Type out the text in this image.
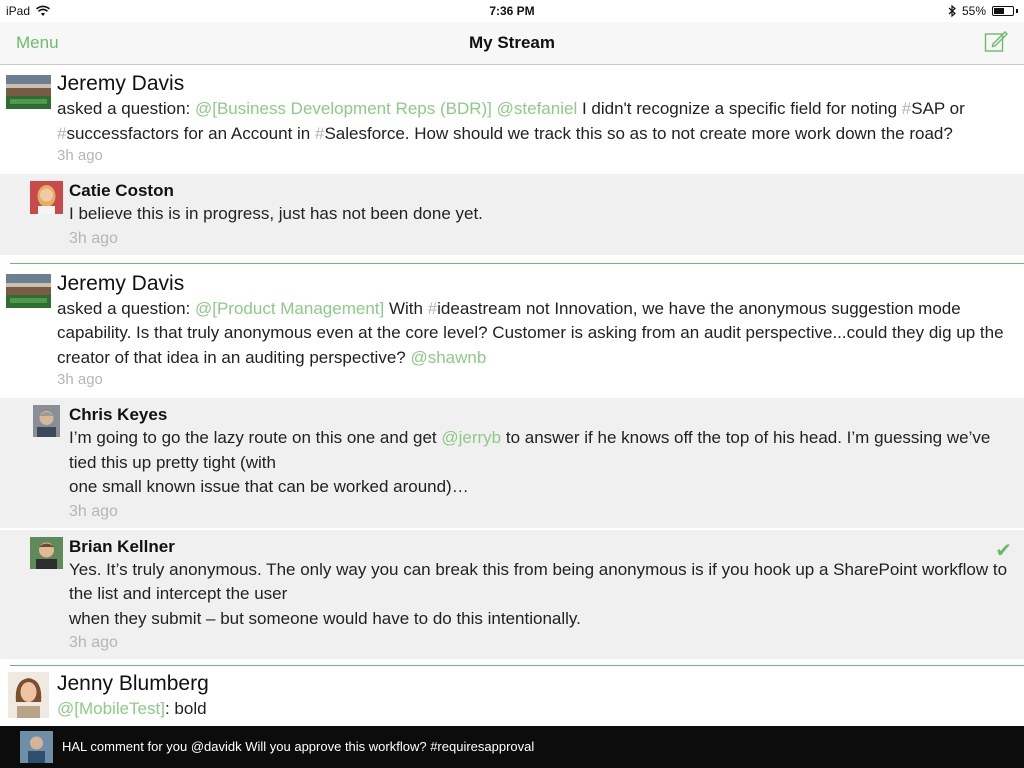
iPad	7:36 PM	55%
Menu	My Stream
Jeremy Davis
asked a question: @[Business Development Reps (BDR)] @stefaniel I didn't recognize a specific field for noting #SAP or #successfactors for an Account in #Salesforce. How should we track this so as to not create more work down the road?
3h ago
Catie Coston
I believe this is in progress, just has not been done yet.
3h ago
Jeremy Davis
asked a question: @[Product Management] With #ideastream not Innovation, we have the anonymous suggestion mode capability. Is that truly anonymous even at the core level? Customer is asking from an audit perspective...could they dig up the creator of that idea in an auditing perspective? @shawnb
3h ago
Chris Keyes
I’m going to go the lazy route on this one and get @jerryb to answer if he knows off the top of his head. I’m guessing we’ve tied this up pretty tight (with
one small known issue that can be worked around)…
3h ago
Brian Kellner
Yes. It’s truly anonymous. The only way you can break this from being anonymous is if you hook up a SharePoint workflow to the list and intercept the user
when they submit – but someone would have to do this intentionally.
3h ago
✔
Jenny Blumberg
@[MobileTest]: bold

HAL comment for you @davidk Will you approve this workflow? #requiresapproval
